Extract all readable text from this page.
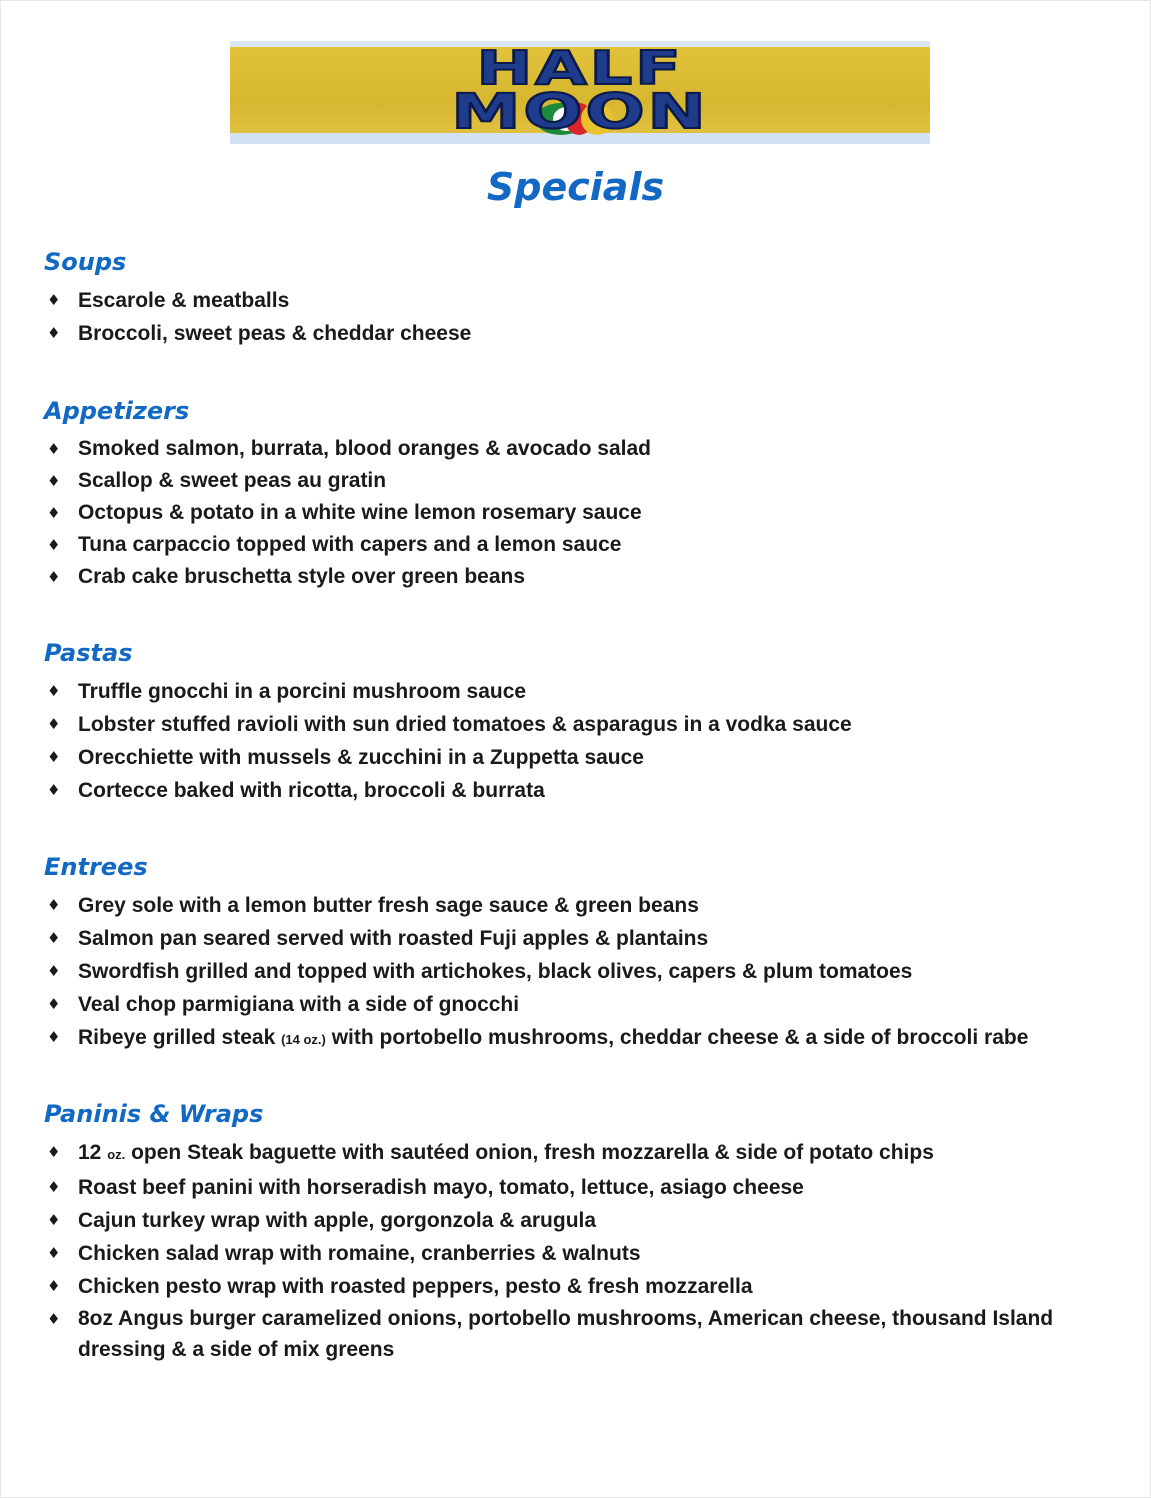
HALF
MOON
Specials
Soups
♦ Escarole & meatballs
♦ Broccoli, sweet peas & cheddar cheese
Appetizers
♦ Smoked salmon, burrata, blood oranges & avocado salad
♦ Scallop & sweet peas au gratin
♦ Octopus & potato in a white wine lemon rosemary sauce
♦ Tuna carpaccio topped with capers and a lemon sauce
♦ Crab cake bruschetta style over green beans
Pastas
♦ Truffle gnocchi in a porcini mushroom sauce
♦ Lobster stuffed ravioli with sun dried tomatoes & asparagus in a vodka sauce
♦ Orecchiette with mussels & zucchini in a Zuppetta sauce
♦ Cortecce baked with ricotta, broccoli & burrata
Entrees
♦ Grey sole with a lemon butter fresh sage sauce & green beans
♦ Salmon pan seared served with roasted Fuji apples & plantains
♦ Swordfish grilled and topped with artichokes, black olives, capers & plum tomatoes
♦ Veal chop parmigiana with a side of gnocchi
♦ Ribeye grilled steak (14 oz.) with portobello mushrooms, cheddar cheese & a side of broccoli rabe
Paninis & Wraps
♦ 12 oz. open Steak baguette with sautéed onion, fresh mozzarella & side of potato chips
♦ Roast beef panini with horseradish mayo, tomato, lettuce, asiago cheese
♦ Cajun turkey wrap with apple, gorgonzola & arugula
♦ Chicken salad wrap with romaine, cranberries & walnuts
♦ Chicken pesto wrap with roasted peppers, pesto & fresh mozzarella
♦ 8oz Angus burger caramelized onions, portobello mushrooms, American cheese, thousand Island dressing & a side of mix greens
